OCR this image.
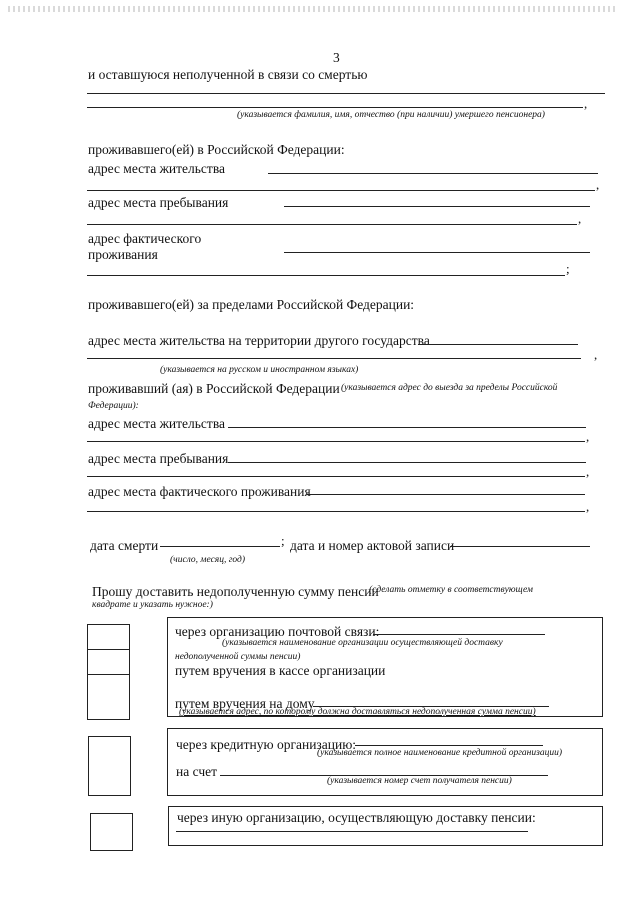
3
и оставшуюся неполученной в связи со смертью
,
(указывается фамилия, имя, отчество (при наличии) умершего пенсионера)
проживавшего(ей) в Российской Федерации:
адрес места жительства
,
адрес места пребывания
,
адрес фактического
проживания
;
проживавшего(ей) за пределами Российской Федерации:
адрес места жительства на территории другого государства
,
(указывается на русском и иностранном языках)
проживавший (ая) в Российской Федерации (указывается адрес до выезда за пределы Российской
Федерации):
адрес места жительства
,
адрес места пребывания
,
адрес места фактического проживания
,
дата смерти	; дата и номер актовой записи
(число, месяц, год)
Прошу доставить недополученную сумму пенсии
(сделать отметку в соответствующем
квадрате и указать нужное:)
через организацию почтовой связи:
(указывается наименование организации осуществляющей доставку
недополученной суммы пенсии)
путем вручения в кассе организации
путем вручения на дому
(указывается адрес, по которому должна доставляться недополученная сумма пенсии)
через кредитную организацию:
(указывается полное наименование кредитной организации)
на счет
(указывается номер счет получателя пенсии)
через иную организацию, осуществляющую доставку пенсии:
